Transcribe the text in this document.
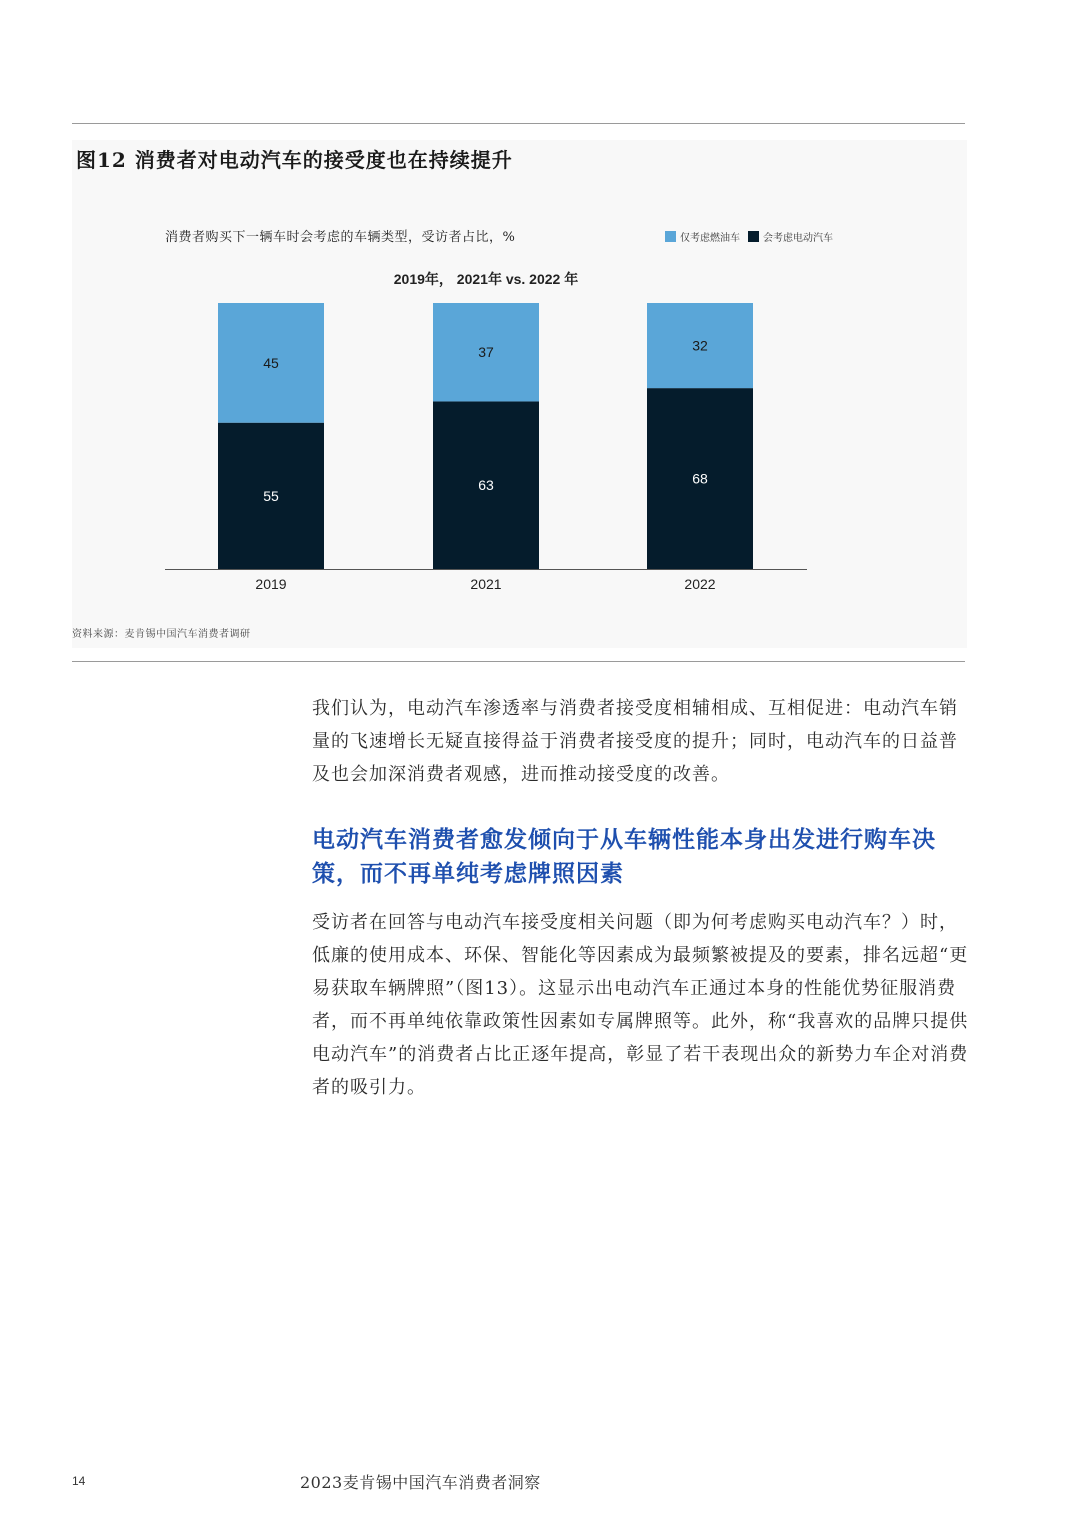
图12 消费者对电动汽车的接受度也在持续提升
消费者购买下一辆车时会考虑的车辆类型，受访者占比，%
2019年， 2021年 vs. 2022 年
仅考虑燃油车 会考虑电动汽车
55
45
2019
63
37
2021
68
32
2022
资料来源：麦肯锡中国汽车消费者调研

我们认为，电动汽车渗透率与消费者接受度相辅相成、互相促进：电动汽车销量的飞速增长无疑直接得益于消费者接受度的提升；同时，电动汽车的日益普及也会加深消费者观感，进而推动接受度的改善。

电动汽车消费者愈发倾向于从车辆性能本身出发进行购车决策，而不再单纯考虑牌照因素

受访者在回答与电动汽车接受度相关问题（即为何考虑购买电动汽车？）时，低廉的使用成本、环保、智能化等因素成为最频繁被提及的要素，排名远超“更易获取车辆牌照”（图13）。这显示出电动汽车正通过本身的性能优势征服消费者，而不再单纯依靠政策性因素如专属牌照等。此外，称“我喜欢的品牌只提供电动汽车”的消费者占比正逐年提高，彰显了若干表现出众的新势力车企对消费者的吸引力。

14	2023麦肯锡中国汽车消费者洞察
